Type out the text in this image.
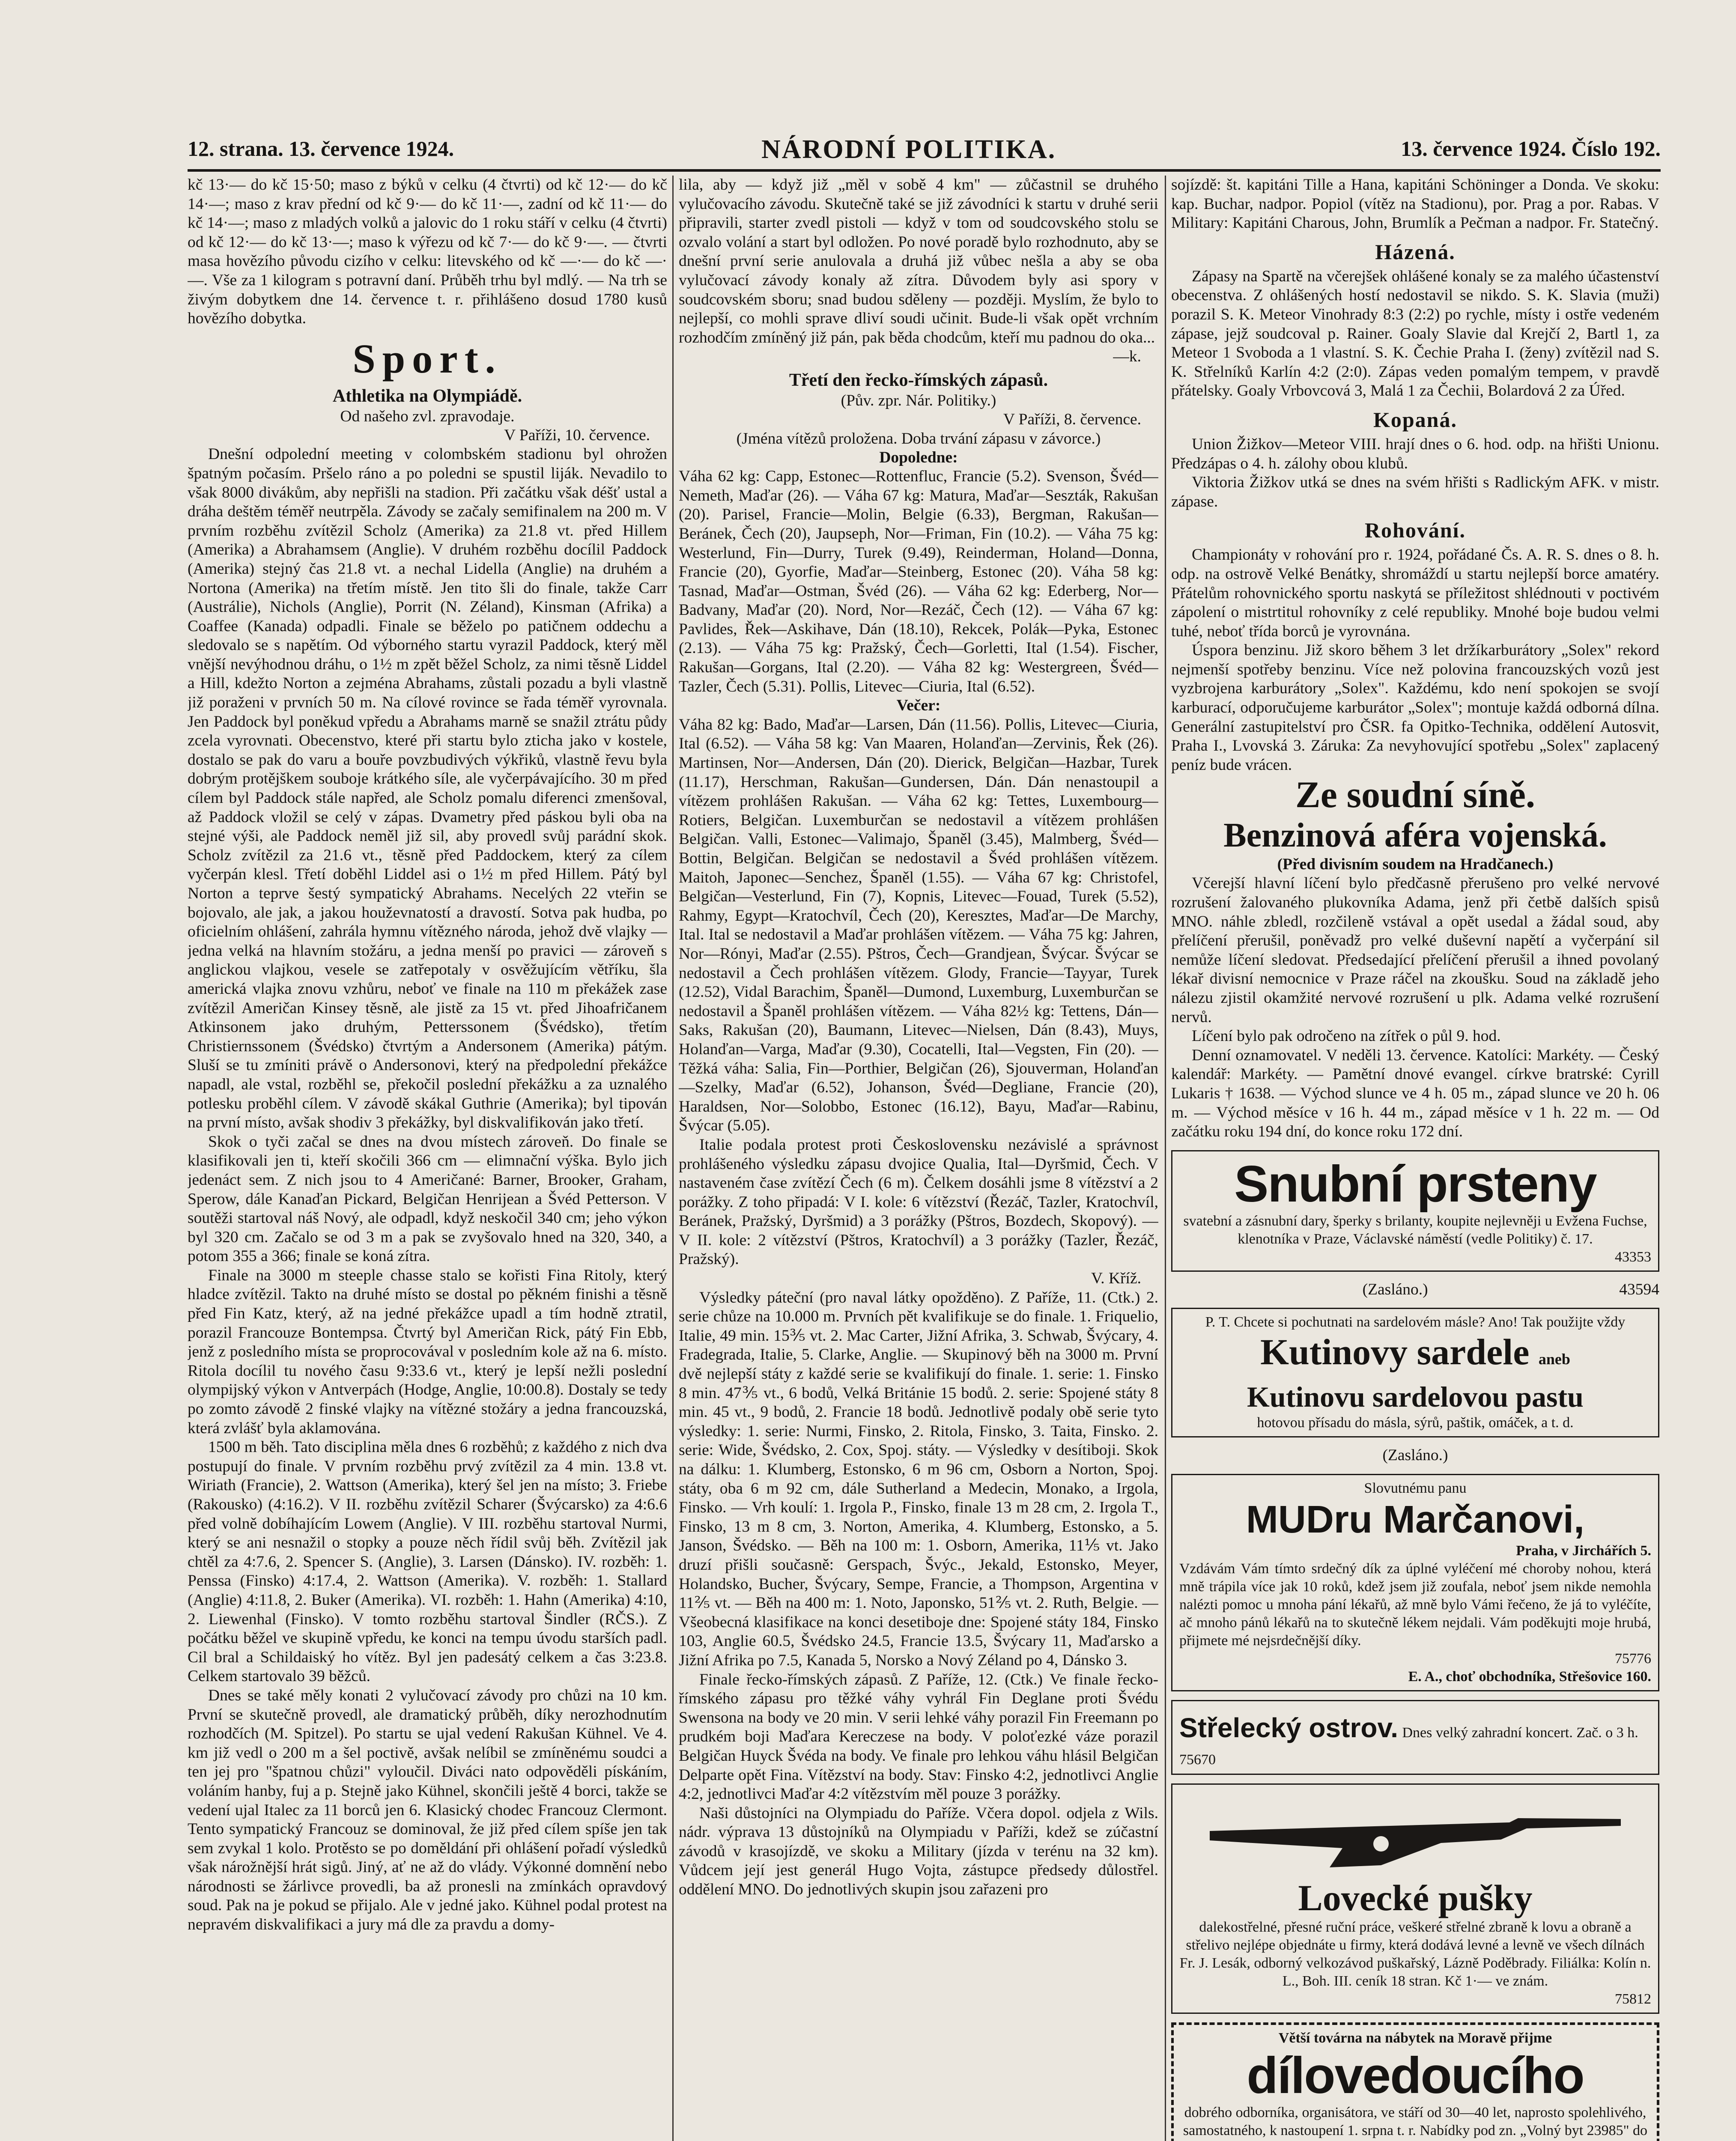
12. strana. 13. července 1924.	NÁRODNÍ POLITIKA.	13. července 1924. Číslo 192.

kč 13·— do kč 15·50; maso z býků v celku (4 čtvrti) od kč 12·— do kč 14·—; maso z krav přední od kč 9·— do kč 11·—, zadní od kč 11·— do kč 14·—; maso z mladých volků a jalovic do 1 roku stáří v celku (4 čtvrti) od kč 12·— do kč 13·—; maso k výřezu od kč 7·— do kč 9·—. — čtvrti masa hovězího původu cizího v celku: litevského od kč —·— do kč —·—. Vše za 1 kilogram s potravní daní. Průběh trhu byl mdlý. — Na trh se živým dobytkem dne 14. července t. r. přihlášeno dosud 1780 kusů hovězího dobytka.

Sport.
Athletika na Olympiádě.
Od našeho zvl. zpravodaje.
V Paříži, 10. července.

Dnešní odpolední meeting v colombském stadionu byl ohrožen špatným počasím. Pršelo ráno a po poledni se spustil liják. Nevadilo to však 8000 divákům, aby nepřišli na stadion. Při začátku však déšť ustal a dráha deštěm téměř neutrpěla. Závody se začaly semifinalem na 200 m. V prvním rozběhu zvítězil Scholz (Amerika) za 21.8 vt. před Hillem (Amerika) a Abrahamsem (Anglie). V druhém rozběhu docílil Paddock (Amerika) stejný čas 21.8 vt. a nechal Lidella (Anglie) na druhém a Nortona (Amerika) na třetím místě. Jen tito šli do finale, takže Carr (Austrálie), Nichols (Anglie), Porrit (N. Zéland), Kinsman (Afrika) a Coaffee (Kanada) odpadli. Finale se běželo po patičnem oddechu a sledovalo se s napětím. Od výborného startu vyrazil Paddock, který měl vnější nevýhodnou dráhu, o 1½ m zpět běžel Scholz, za nimi těsně Liddel a Hill, kdežto Norton a zejména Abrahams, zůstali pozadu a byli vlastně již poraženi v prvních 50 m. Na cílové rovince se řada téměř vyrovnala. Jen Paddock byl poněkud vpředu a Abrahams marně se snažil ztrátu půdy zcela vyrovnati. Obecenstvo, které při startu bylo zticha jako v kostele, dostalo se pak do varu a bouře povzbudivých výkřiků, vlastně řevu byla dobrým protějškem souboje krátkého síle, ale vyčerpávajícího. 30 m před cílem byl Paddock stále napřed, ale Scholz pomalu diferenci zmenšoval, až Paddock vložil se celý v zápas. Dvametry před páskou byli oba na stejné výši, ale Paddock neměl již sil, aby provedl svůj parádní skok. Scholz zvítězil za 21.6 vt., těsně před Paddockem, který za cílem vyčerpán klesl. Třetí doběhl Liddel asi o 1½ m před Hillem. Pátý byl Norton a teprve šestý sympatický Abrahams. Necelých 22 vteřin se bojovalo, ale jak, a jakou houževnatostí a dravostí. Sotva pak hudba, po oficielním ohlášení, zahrála hymnu vítězného národa, jehož dvě vlajky — jedna velká na hlavním stožáru, a jedna menší po pravici — zároveň s anglickou vlajkou, vesele se zatřepotaly v osvěžujícím větříku, šla americká vlajka znovu vzhůru, neboť ve finale na 110 m překážek zase zvítězil Američan Kinsey těsně, ale jistě za 15 vt. před Jihoafričanem Atkinsonem jako druhým, Petterssonem (Švédsko), třetím Christiernssonem (Švédsko) čtvrtým a Andersonem (Amerika) pátým. Sluší se tu zmíniti právě o Andersonovi, který na předpolední překážce napadl, ale vstal, rozběhl se, překočil poslední překážku a za uznalého potlesku proběhl cílem. V závodě skákal Guthrie (Amerika); byl tipován na první místo, avšak shodiv 3 překážky, byl diskvalifikován jako třetí.

Skok o tyči začal se dnes na dvou místech zároveň. Do finale se klasifikovali jen ti, kteří skočili 366 cm — elimnační výška. Bylo jich jedenáct sem. Z nich jsou to 4 Američané: Barner, Brooker, Graham, Sperow, dále Kanaďan Pickard, Belgičan Henrijean a Švéd Petterson. V soutěži startoval náš Nový, ale odpadl, když neskočil 340 cm; jeho výkon byl 320 cm. Začalo se od 3 m a pak se zvyšovalo hned na 320, 340, a potom 355 a 366; finale se koná zítra.

Finale na 3000 m steeple chasse stalo se kořisti Fina Ritoly, který hladce zvítězil. Takto na druhé místo se dostal po pěkném finishi a těsně před Fin Katz, který, až na jedné překážce upadl a tím hodně ztratil, porazil Francouze Bontempsa. Čtvrtý byl Američan Rick, pátý Fin Ebb, jenž z posledního místa se proprocovával v posledním kole až na 6. místo. Ritola docílil tu nového času 9:33.6 vt., který je lepší nežli poslední olympijský výkon v Antverpách (Hodge, Anglie, 10:00.8). Dostaly se tedy po zomto závodě 2 finské vlajky na vítězné stožáry a jedna francouzská, která zvlášť byla aklamována.

1500 m běh. Tato disciplina měla dnes 6 rozběhů; z každého z nich dva postupují do finale. V prvním rozběhu prvý zvítězil za 4 min. 13.8 vt. Wiriath (Francie), 2. Wattson (Amerika), který šel jen na místo; 3. Friebe (Rakousko) (4:16.2). V II. rozběhu zvítězil Scharer (Švýcarsko) za 4:6.6 před volně dobíhajícím Lowem (Anglie). V III. rozběhu startoval Nurmi, který se ani nesnažil o stopky a pouze něch řídil svůj běh. Zvítězil jak chtěl za 4:7.6, 2. Spencer S. (Anglie), 3. Larsen (Dánsko). IV. rozběh: 1. Penssa (Finsko) 4:17.4, 2. Wattson (Amerika). V. rozběh: 1. Stallard (Anglie) 4:11.8, 2. Buker (Amerika). VI. rozběh: 1. Hahn (Amerika) 4:10, 2. Liewenhal (Finsko). V tomto rozběhu startoval Šindler (RČS.). Z počátku běžel ve skupině vpředu, ke konci na tempu úvodu starších padl. Cil bral a Schildaiský ho vítěz. Byl jen padesátý celkem a čas 3:23.8. Celkem startovalo 39 běžců.

Dnes se také měly konati 2 vylučovací závody pro chůzi na 10 km. První se skutečně provedl, ale dramatický průběh, díky nerozhodnutím rozhodčích (M. Spitzel). Po startu se ujal vedení Rakušan Kühnel. Ve 4. km již vedl o 200 m a šel poctivě, avšak nelíbil se zmíněnému soudci a ten jej pro "špatnou chůzi" vyloučil. Diváci nato odpověděli pískáním, voláním hanby, fuj a p. Stejně jako Kühnel, skončili ještě 4 borci, takže se vedení ujal Italec za 11 borců jen 6. Klasický chodec Francouz Clermont. Tento sympatický Francouz se dominoval, že již před cílem spíše jen tak sem zvykal 1 kolo. Protěsto se po doměldání při ohlášení pořadí výsledků však nárožnější hrát sigů. Jiný, ať ne až do vlády. Výkonné domnění nebo národnosti se žárlivce provedli, ba až pronesli na zmínkách opravdový soud. Pak na je pokud se přijalo. Ale v jedné jako. Kühnel podal protest na nepravém diskvalifikaci a jury má dle za pravdu a domy-

lila, aby — když již „měl v sobě 4 km" — zůčastnil se druhého vylučovacího závodu. Skutečně také se již závodníci k startu v druhé serii připravili, starter zvedl pistoli — když v tom od soudcovského stolu se ozvalo volání a start byl odložen. Po nové poradě bylo rozhodnuto, aby se dnešní první serie anulovala a druhá již vůbec nešla a aby se oba vylučovací závody konaly až zítra. Důvodem byly asi spory v soudcovském sboru; snad budou sděleny — později. Myslím, že bylo to nejlepší, co mohli sprave dliví soudi učinit. Bude-li však opět vrchním rozhodčím zmíněný již pán, pak běda chodcům, kteří mu padnou do oka...

—k.
Třetí den řecko-římských zápasů.
(Pův. zpr. Nár. Politiky.)
V Paříži, 8. července.
(Jména vítězů proložena. Doba trvání zápasu v závorce.)
Dopoledne:

Váha 62 kg: Capp, Estonec—Rottenfluc, Francie (5.2). Svenson, Švéd—Nemeth, Maďar (26). — Váha 67 kg: Matura, Maďar—Seszták, Rakušan (20). Parisel, Francie—Molin, Belgie (6.33), Bergman, Rakušan—Beránek, Čech (20), Jaupseph, Nor—Friman, Fin (10.2). — Váha 75 kg: Westerlund, Fin—Durry, Turek (9.49), Reinderman, Holand—Donna, Francie (20), Gyorfie, Maďar—Steinberg, Estonec (20). Váha 58 kg: Tasnad, Maďar—Ostman, Švéd (26). — Váha 62 kg: Ederberg, Nor—Badvany, Maďar (20). Nord, Nor—Rezáč, Čech (12). — Váha 67 kg: Pavlides, Řek—Askihave, Dán (18.10), Rekcek, Polák—Pyka, Estonec (2.13). — Váha 75 kg: Pražský, Čech—Gorletti, Ital (1.54). Fischer, Rakušan—Gorgans, Ital (2.20). — Váha 82 kg: Westergreen, Švéd—Tazler, Čech (5.31). Pollis, Litevec—Ciuria, Ital (6.52).

Večer:

Váha 82 kg: Bado, Maďar—Larsen, Dán (11.56). Pollis, Litevec—Ciuria, Ital (6.52). — Váha 58 kg: Van Maaren, Holanďan—Zervinis, Řek (26). Martinsen, Nor—Andersen, Dán (20). Dierick, Belgičan—Hazbar, Turek (11.17), Herschman, Rakušan—Gundersen, Dán. Dán nenastoupil a vítězem prohlášen Rakušan. — Váha 62 kg: Tettes, Luxembourg—Rotiers, Belgičan. Luxemburčan se nedostavil a vítězem prohlášen Belgičan. Valli, Estonec—Valimajo, Španěl (3.45), Malmberg, Švéd—Bottin, Belgičan. Belgičan se nedostavil a Švéd prohlášen vítězem. Maitoh, Japonec—Senchez, Španěl (1.55). — Váha 67 kg: Christofel, Belgičan—Vesterlund, Fin (7), Kopnis, Litevec—Fouad, Turek (5.52), Rahmy, Egypt—Kratochvíl, Čech (20), Keresztes, Maďar—De Marchy, Ital. Ital se nedostavil a Maďar prohlášen vítězem. — Váha 75 kg: Jahren, Nor—Rónyi, Maďar (2.55). Pštros, Čech—Grandjean, Švýcar. Švýcar se nedostavil a Čech prohlášen vítězem. Glody, Francie—Tayyar, Turek (12.52), Vidal Barachim, Španěl—Dumond, Luxemburg, Luxemburčan se nedostavil a Španěl prohlášen vítězem. — Váha 82½ kg: Tettens, Dán—Saks, Rakušan (20), Baumann, Litevec—Nielsen, Dán (8.43), Muys, Holanďan—Varga, Maďar (9.30), Cocatelli, Ital—Vegsten, Fin (20). — Těžká váha: Salia, Fin—Porthier, Belgičan (26), Sjouverman, Holanďan—Szelky, Maďar (6.52), Johanson, Švéd—Degliane, Francie (20), Haraldsen, Nor—Solobbo, Estonec (16.12), Bayu, Maďar—Rabinu, Švýcar (5.05).

Italie podala protest proti Československu nezávislé a správnost prohlášeného výsledku zápasu dvojice Qualia, Ital—Dyršmid, Čech. V nastaveném čase zvítězí Čech (6 m). Čelkem dosáhli jsme 8 vítězství a 2 porážky. Z toho připadá: V I. kole: 6 vítězství (Řezáč, Tazler, Kratochvíl, Beránek, Pražský, Dyršmid) a 3 porážky (Pštros, Bozdech, Skopový). — V II. kole: 2 vítězství (Pštros, Kratochvíl) a 3 porážky (Tazler, Řezáč, Pražský).

V. Kříž.

Výsledky páteční (pro naval látky opožděno). Z Paříže, 11. (Ctk.) 2. serie chůze na 10.000 m. Prvních pět kvalifikuje se do finale. 1. Friquelio, Italie, 49 min. 15⅗ vt. 2. Mac Carter, Jižní Afrika, 3. Schwab, Švýcary, 4. Fradegrada, Italie, 5. Clarke, Anglie. — Skupinový běh na 3000 m. První dvě nejlepší státy z každé serie se kvalifikují do finale. 1. serie: 1. Finsko 8 min. 47⅗ vt., 6 bodů, Velká Británie 15 bodů. 2. serie: Spojené státy 8 min. 45 vt., 9 bodů, 2. Francie 18 bodů. Jednotlivě podaly obě serie tyto výsledky: 1. serie: Nurmi, Finsko, 2. Ritola, Finsko, 3. Taita, Finsko. 2. serie: Wide, Švédsko, 2. Cox, Spoj. státy. — Výsledky v desítiboji. Skok na dálku: 1. Klumberg, Estonsko, 6 m 96 cm, Osborn a Norton, Spoj. státy, oba 6 m 92 cm, dále Sutherland a Medecin, Monako, a Irgola, Finsko. — Vrh koulí: 1. Irgola P., Finsko, finale 13 m 28 cm, 2. Irgola T., Finsko, 13 m 8 cm, 3. Norton, Amerika, 4. Klumberg, Estonsko, a 5. Janson, Švédsko. — Běh na 100 m: 1. Osborn, Amerika, 11⅕ vt. Jako druzí přišli současně: Gerspach, Švýc., Jekald, Estonsko, Meyer, Holandsko, Bucher, Švýcary, Sempe, Francie, a Thompson, Argentina v 11⅖ vt. — Běh na 400 m: 1. Noto, Japonsko, 51⅖ vt. 2. Ruth, Belgie. — Všeobecná klasifikace na konci desetiboje dne: Spojené státy 184, Finsko 103, Anglie 60.5, Švédsko 24.5, Francie 13.5, Švýcary 11, Maďarsko a Jižní Afrika po 7.5, Kanada 5, Norsko a Nový Zéland po 4, Dánsko 3.

Finale řecko-římských zápasů. Z Paříže, 12. (Ctk.) Ve finale řecko-římského zápasu pro těžké váhy vyhrál Fin Deglane proti Švédu Swensona na body ve 20 min. V serii lehké váhy porazil Fin Freemann po prudkém boji Maďara Kereczese na body. V poloťezké váze porazil Belgičan Huyck Švéda na body. Ve finale pro lehkou váhu hlásil Belgičan Delparte opět Fina. Vítězství na body. Stav: Finsko 4:2, jednotlivci Anglie 4:2, jednotlivci Maďar 4:2 vítězstvím měl pouze 3 porážky.

Naši důstojníci na Olympiadu do Paříže. Včera dopol. odjela z Wils. nádr. výprava 13 důstojníků na Olympiadu v Paříži, kdež se zúčastní závodů v krasojízdě, ve skoku a Military (jízda v terénu na 32 km). Vůdcem její jest generál Hugo Vojta, zástupce předsedy důlostřel. oddělení MNO. Do jednotlivých skupin jsou zařazeni pro

sojízdě: št. kapitáni Tille a Hana, kapitáni Schöninger a Donda. Ve skoku: kap. Buchar, nadpor. Popiol (vítěz na Stadionu), por. Prag a por. Rabas. V Military: Kapitáni Charous, John, Brumlík a Pečman a nadpor. Fr. Statečný.

Házená.

Zápasy na Spartě na včerejšek ohlášené konaly se za malého účastenství obecenstva. Z ohlášených hostí nedostavil se nikdo. S. K. Slavia (muži) porazil S. K. Meteor Vinohrady 8:3 (2:2) po rychle, místy i ostře vedeném zápase, jejž soudcoval p. Rainer. Goaly Slavie dal Krejčí 2, Bartl 1, za Meteor 1 Svoboda a 1 vlastní. S. K. Čechie Praha I. (ženy) zvítězil nad S. K. Střelníků Karlín 4:2 (2:0). Zápas veden pomalým tempem, v pravdě přátelsky. Goaly Vrbovcová 3, Malá 1 za Čechii, Bolardová 2 za Úřed.

Kopaná.

Union Žižkov—Meteor VIII. hrají dnes o 6. hod. odp. na hřišti Unionu. Předzápas o 4. h. zálohy obou klubů.

Viktoria Žižkov utká se dnes na svém hřišti s Radlickým AFK. v mistr. zápase.

Rohování.

Championáty v rohování pro r. 1924, pořádané Čs. A. R. S. dnes o 8. h. odp. na ostrově Velké Benátky, shromáždí u startu nejlepší borce amatéry. Přátelům rohovnického sportu naskytá se příležitost shlédnouti v poctivém zápolení o mistrtitul rohovníky z celé republiky. Mnohé boje budou velmi tuhé, neboť třída borců je vyrovnána.

Úspora benzinu. Již skoro během 3 let držíkarburátory „Solex" rekord nejmenší spotřeby benzinu. Více než polovina francouzských vozů jest vyzbrojena karburátory „Solex". Každému, kdo není spokojen se svojí karburací, odporučujeme karburátor „Solex"; montuje každá odborná dílna. Generální zastupitelství pro ČSR. fa Opitko-Technika, oddělení Autosvit, Praha I., Lvovská 3. Záruka: Za nevyhovující spotřebu „Solex" zaplacený peníz bude vrácen.

Ze soudní síně.
Benzinová aféra vojenská.
(Před divisním soudem na Hradčanech.)

Včerejší hlavní líčení bylo předčasně přerušeno pro velké nervové rozrušení žalovaného plukovníka Adama, jenž při četbě dalších spisů MNO. náhle zbledl, rozčileně vstával a opět usedal a žádal soud, aby přelíčení přerušil, poněvadž pro velké duševní napětí a vyčerpání sil nemůže líčení sledovat. Předsedající přelíčení přerušil a ihned povolaný lékař divisní nemocnice v Praze ráčel na zkoušku. Soud na základě jeho nálezu zjistil okamžité nervové rozrušení u plk. Adama velké rozrušení nervů.

Líčení bylo pak odročeno na zítřek o půl 9. hod.

Denní oznamovatel. V neděli 13. července. Katolíci: Markéty. — Český kalendář: Markéty. — Pamětní dnové evangel. církve bratrské: Cyrill Lukaris † 1638. — Východ slunce ve 4 h. 05 m., západ slunce ve 20 h. 06 m. — Východ měsíce v 16 h. 44 m., západ měsíce v 1 h. 22 m. — Od začátku roku 194 dní, do konce roku 172 dní.

Snubní prsteny
svatební a zásnubní dary, šperky s brilanty, koupite nejlevněji u Evžena Fuchse, klenotníka v Praze, Václavské náměstí (vedle Politiky) č. 17.
43353
(Zasláno.)	43594
P. T. Chcete si pochutnati na sardelovém másle? Ano! Tak použijte vždy
Kutinovy sardele aneb
Kutinovu sardelovou pastu
hotovou přísadu do másla, sýrů, paštik, omáček, a t. d.
(Zasláno.)
Slovutnému panu
MUDru Marčanovi,
Praha, v Jirchářích 5.
Vzdávám Vám tímto srdečný dík za úplné vyléčení mé choroby nohou, která mně trápila více jak 10 roků, kdež jsem již zoufala, neboť jsem nikde nemohla nalézti pomoc u mnoha pání lékařů, až mně bylo Vámi řečeno, že já to vyléčíte, ač mnoho pánů lékařů na to skutečně lékem nejdali. Vám poděkujti moje hrubá, přijmete mé nejsrdečnější díky.
75776
E. A., choť obchodníka, Střešovice 160.
Střelecký ostrov. Dnes velký zahradní koncert. Zač. o 3 h. 75670
Lovecké pušky
dalekostřelné, přesné ruční práce, veškeré střelné zbraně k lovu a obraně a střelivo nejlépe objednáte u firmy, která dodává levné a levně ve všech dílnách Fr. J. Lesák, odborný velkozávod puškařský, Lázně Poděbrady. Filiálka: Kolín n. L., Boh. III. ceník 18 stran. Kč 1·— ve znám.
75812
Větší továrna na nábytek na Moravě přijme
dílovedoucího
dobrého odborníka, organisátora, ve stáří od 30—40 let, naprosto spolehlivého, samostatného, k nastoupení 1. srpna t. r. Nabídky pod zn. „Volný byt 23985" do
